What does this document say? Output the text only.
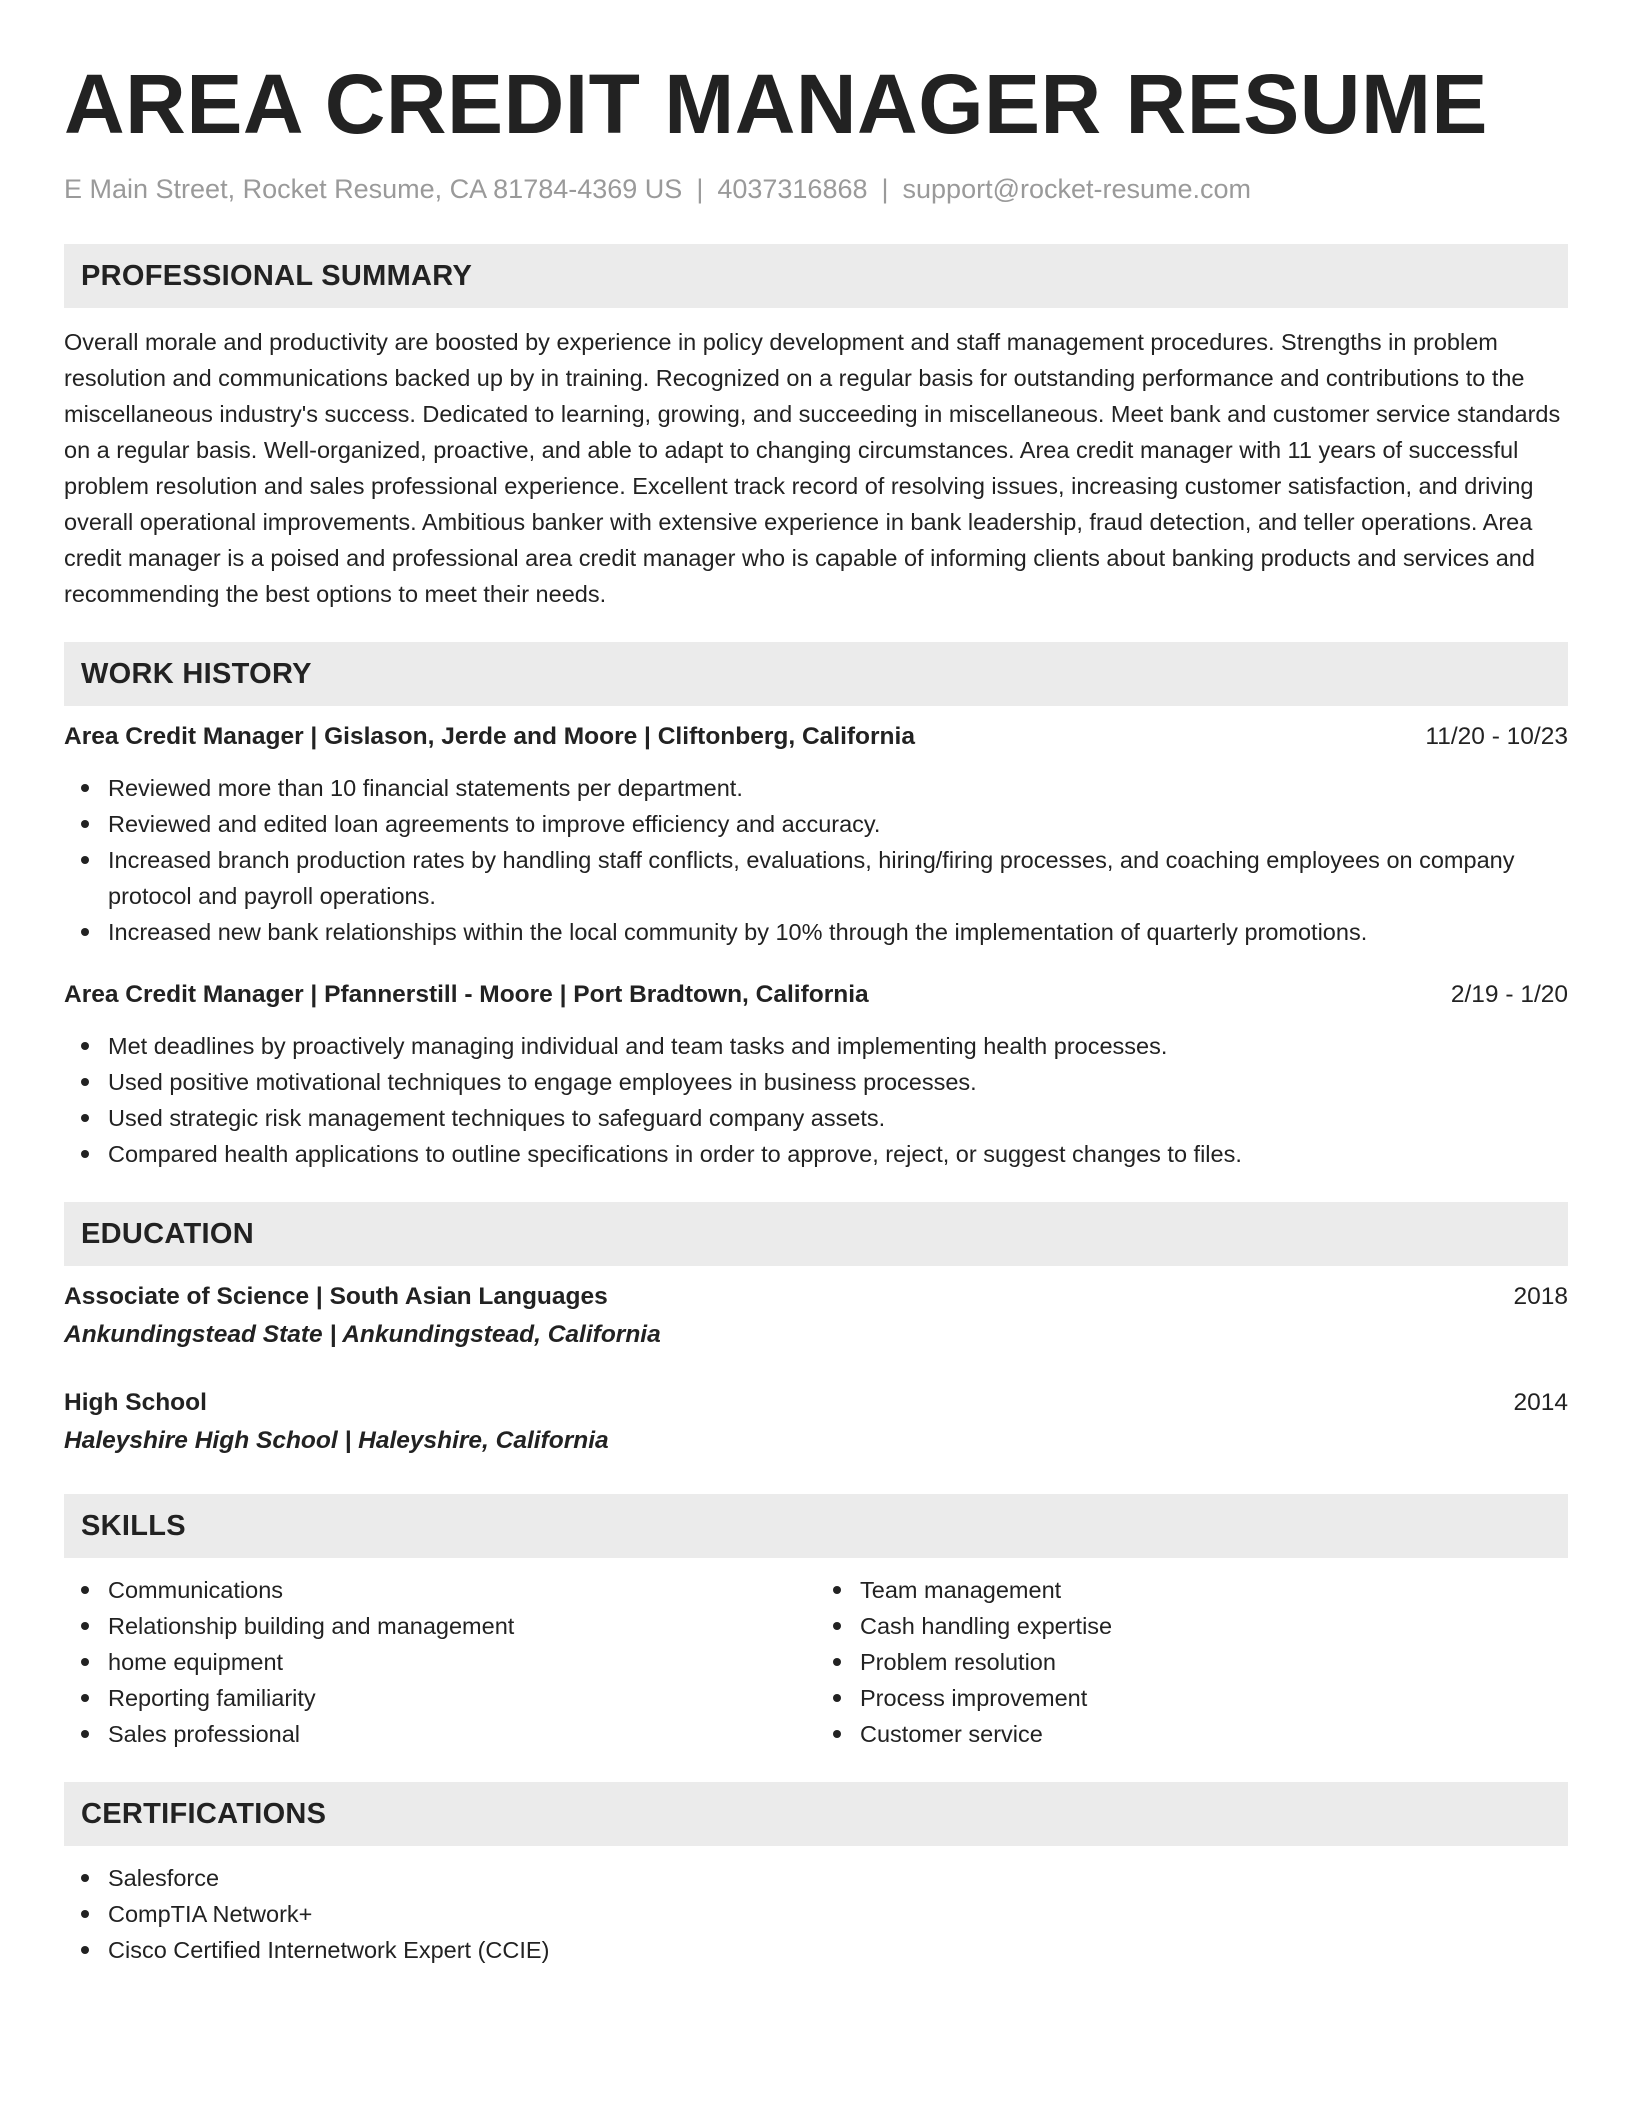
AREA CREDIT MANAGER RESUME
E Main Street, Rocket Resume, CA 81784-4369 US | 4037316868 | support@rocket-resume.com
PROFESSIONAL SUMMARY
Overall morale and productivity are boosted by experience in policy development and staff management procedures. Strengths in problem resolution and communications backed up by in training. Recognized on a regular basis for outstanding performance and contributions to the miscellaneous industry's success. Dedicated to learning, growing, and succeeding in miscellaneous. Meet bank and customer service standards on a regular basis. Well-organized, proactive, and able to adapt to changing circumstances. Area credit manager with 11 years of successful problem resolution and sales professional experience. Excellent track record of resolving issues, increasing customer satisfaction, and driving overall operational improvements. Ambitious banker with extensive experience in bank leadership, fraud detection, and teller operations. Area credit manager is a poised and professional area credit manager who is capable of informing clients about banking products and services and recommending the best options to meet their needs.
WORK HISTORY
Area Credit Manager | Gislason, Jerde and Moore | Cliftonberg, California	11/20 - 10/23
Reviewed more than 10 financial statements per department.
Reviewed and edited loan agreements to improve efficiency and accuracy.
Increased branch production rates by handling staff conflicts, evaluations, hiring/firing processes, and coaching employees on company protocol and payroll operations.
Increased new bank relationships within the local community by 10% through the implementation of quarterly promotions.
Area Credit Manager | Pfannerstill - Moore | Port Bradtown, California	2/19 - 1/20
Met deadlines by proactively managing individual and team tasks and implementing health processes.
Used positive motivational techniques to engage employees in business processes.
Used strategic risk management techniques to safeguard company assets.
Compared health applications to outline specifications in order to approve, reject, or suggest changes to files.
EDUCATION
Associate of Science | South Asian Languages	2018
Ankundingstead State | Ankundingstead, California
High School	2014
Haleyshire High School | Haleyshire, California
SKILLS
Communications
Relationship building and management
home equipment
Reporting familiarity
Sales professional
Team management
Cash handling expertise
Problem resolution
Process improvement
Customer service
CERTIFICATIONS
Salesforce
CompTIA Network+
Cisco Certified Internetwork Expert (CCIE)
